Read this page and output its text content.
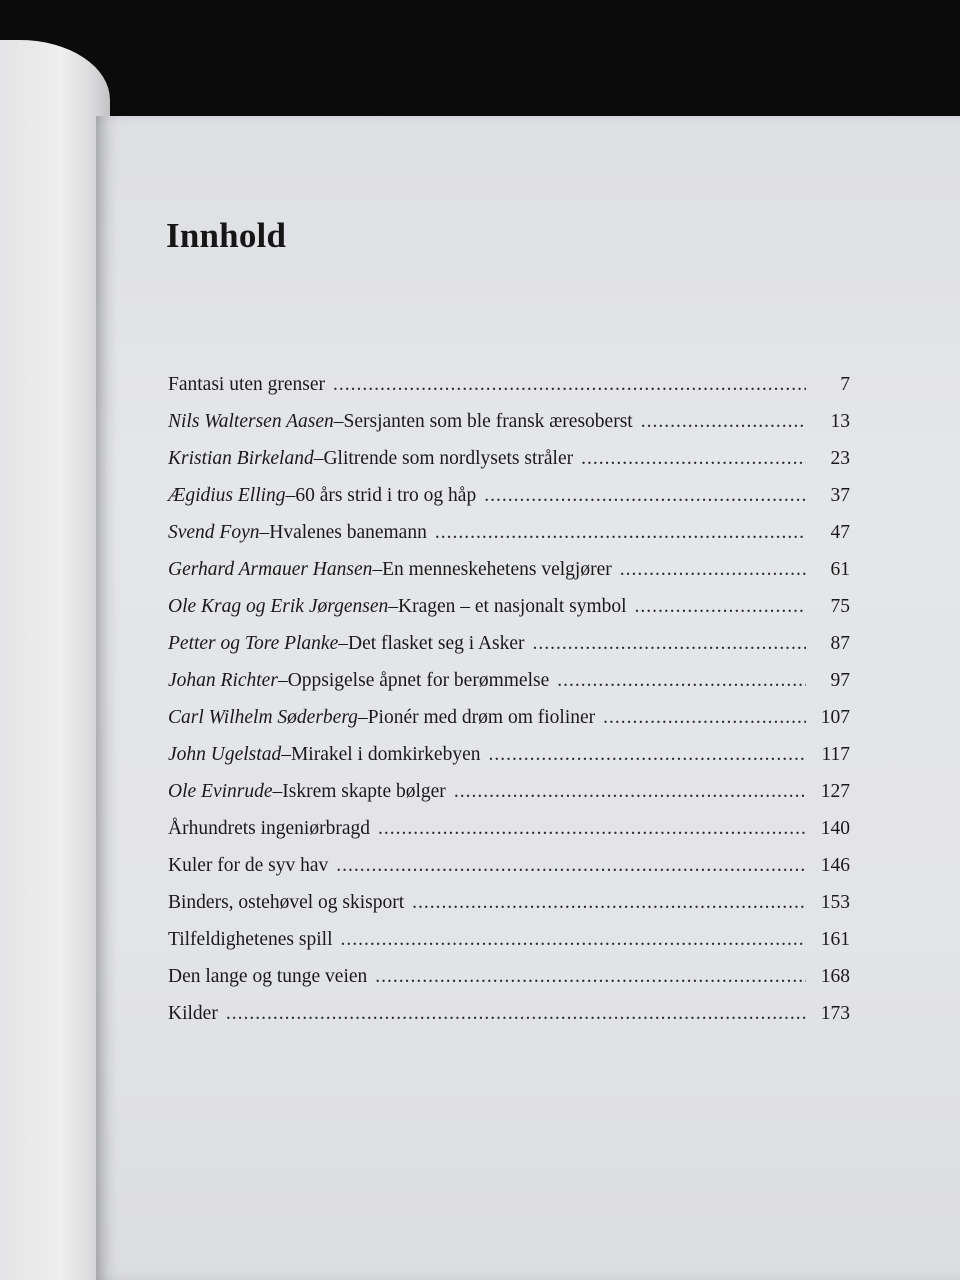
Innhold
Fantasi uten grenser .....	7
Nils Waltersen Aasen – Sersjanten som ble fransk æresoberst .....	13
Kristian Birkeland – Glitrende som nordlysets stråler .....	23
Ægidius Elling – 60 års strid i tro og håp .....	37
Svend Foyn – Hvalenes banemann .....	47
Gerhard Armauer Hansen – En menneskehetens velgjører .....	61
Ole Krag og Erik Jørgensen – Kragen – et nasjonalt symbol .....	75
Petter og Tore Planke – Det flasket seg i Asker .....	87
Johan Richter – Oppsigelse åpnet for berømmelse .....	97
Carl Wilhelm Søderberg – Pionér med drøm om fioliner .....	107
John Ugelstad – Mirakel i domkirkebyen .....	117
Ole Evinrude – Iskrem skapte bølger .....	127
Århundrets ingeniørbragd .....	140
Kuler for de syv hav .....	146
Binders, ostehøvel og skisport .....	153
Tilfeldighetenes spill .....	161
Den lange og tunge veien .....	168
Kilder .....	173
